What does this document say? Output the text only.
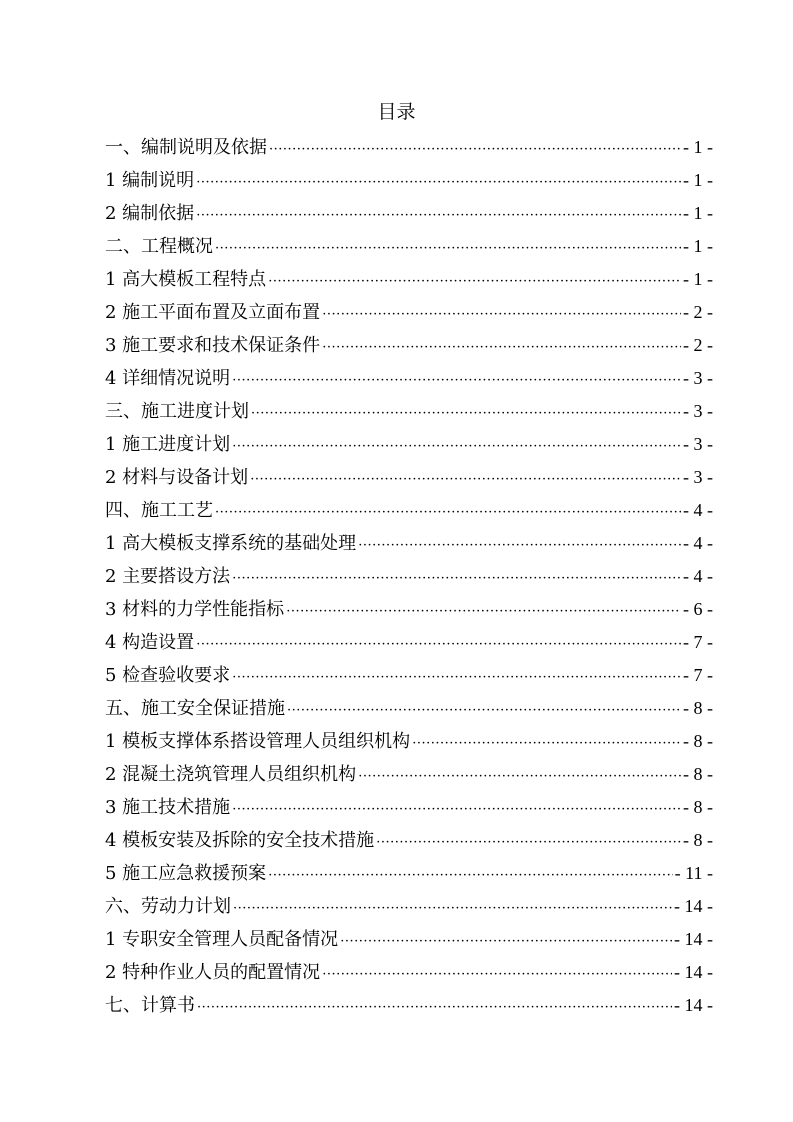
目录
一、编制说明及依据 ·····	- 1 -
1 编制说明 ·····	- 1 -
2 编制依据 ·····	- 1 -
二、工程概况 ·····	- 1 -
1 高大模板工程特点 ·····	- 1 -
2 施工平面布置及立面布置 ·····	- 2 -
3 施工要求和技术保证条件 ·····	- 2 -
4 详细情况说明 ·····	- 3 -
三、施工进度计划 ·····	- 3 -
1 施工进度计划 ·····	- 3 -
2 材料与设备计划 ·····	- 3 -
四、施工工艺 ·····	- 4 -
1 高大模板支撑系统的基础处理 ·····	- 4 -
2 主要搭设方法 ·····	- 4 -
3 材料的力学性能指标 ·····	- 6 -
4 构造设置 ·····	- 7 -
5 检查验收要求 ·····	- 7 -
五、施工安全保证措施 ·····	- 8 -
1 模板支撑体系搭设管理人员组织机构 ·····	- 8 -
2 混凝土浇筑管理人员组织机构 ·····	- 8 -
3 施工技术措施 ·····	- 8 -
4 模板安装及拆除的安全技术措施 ·····	- 8 -
5 施工应急救援预案 ·····	- 11 -
六、劳动力计划 ·····	- 14 -
1 专职安全管理人员配备情况 ·····	- 14 -
2 特种作业人员的配置情况 ·····	- 14 -
七、计算书 ·····	- 14 -
